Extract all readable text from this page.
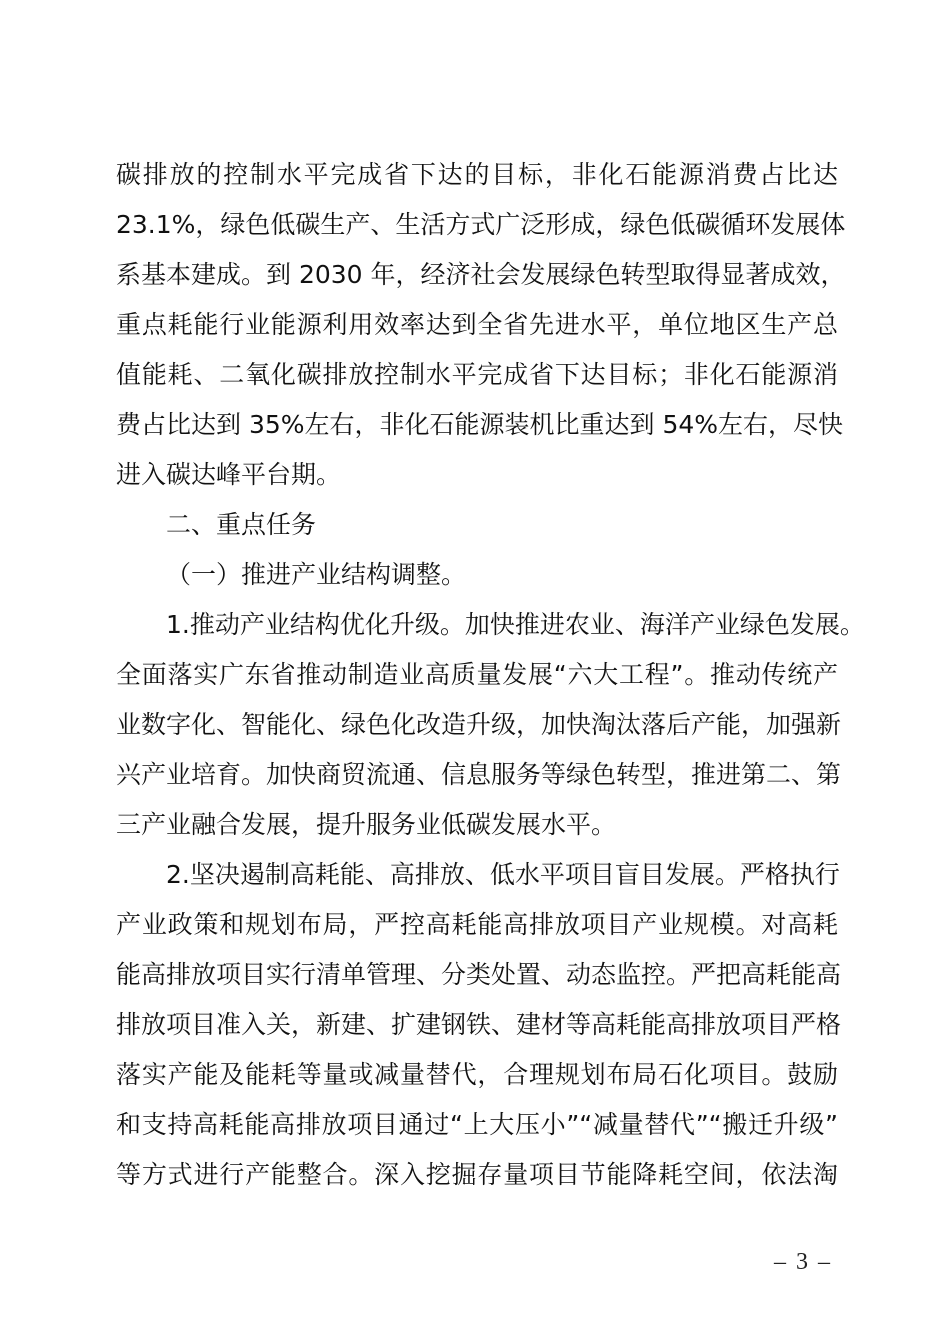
碳排放的控制水平完成省下达的目标，非化石能源消费占比达
23.1%，绿色低碳生产、生活方式广泛形成，绿色低碳循环发展体
系基本建成。到 2030 年，经济社会发展绿色转型取得显著成效，
重点耗能行业能源利用效率达到全省先进水平，单位地区生产总
值能耗、二氧化碳排放控制水平完成省下达目标；非化石能源消
费占比达到 35%左右，非化石能源装机比重达到 54%左右，尽快
进入碳达峰平台期。
二、重点任务
（一）推进产业结构调整。
1.推动产业结构优化升级。加快推进农业、海洋产业绿色发展。
全面落实广东省推动制造业高质量发展“六大工程”。推动传统产
业数字化、智能化、绿色化改造升级，加快淘汰落后产能，加强新
兴产业培育。加快商贸流通、信息服务等绿色转型，推进第二、第
三产业融合发展，提升服务业低碳发展水平。
2.坚决遏制高耗能、高排放、低水平项目盲目发展。严格执行
产业政策和规划布局，严控高耗能高排放项目产业规模。对高耗
能高排放项目实行清单管理、分类处置、动态监控。严把高耗能高
排放项目准入关，新建、扩建钢铁、建材等高耗能高排放项目严格
落实产能及能耗等量或减量替代，合理规划布局石化项目。鼓励
和支持高耗能高排放项目通过“上大压小”“减量替代”“搬迁升级”
等方式进行产能整合。深入挖掘存量项目节能降耗空间，依法淘
– 3 –
